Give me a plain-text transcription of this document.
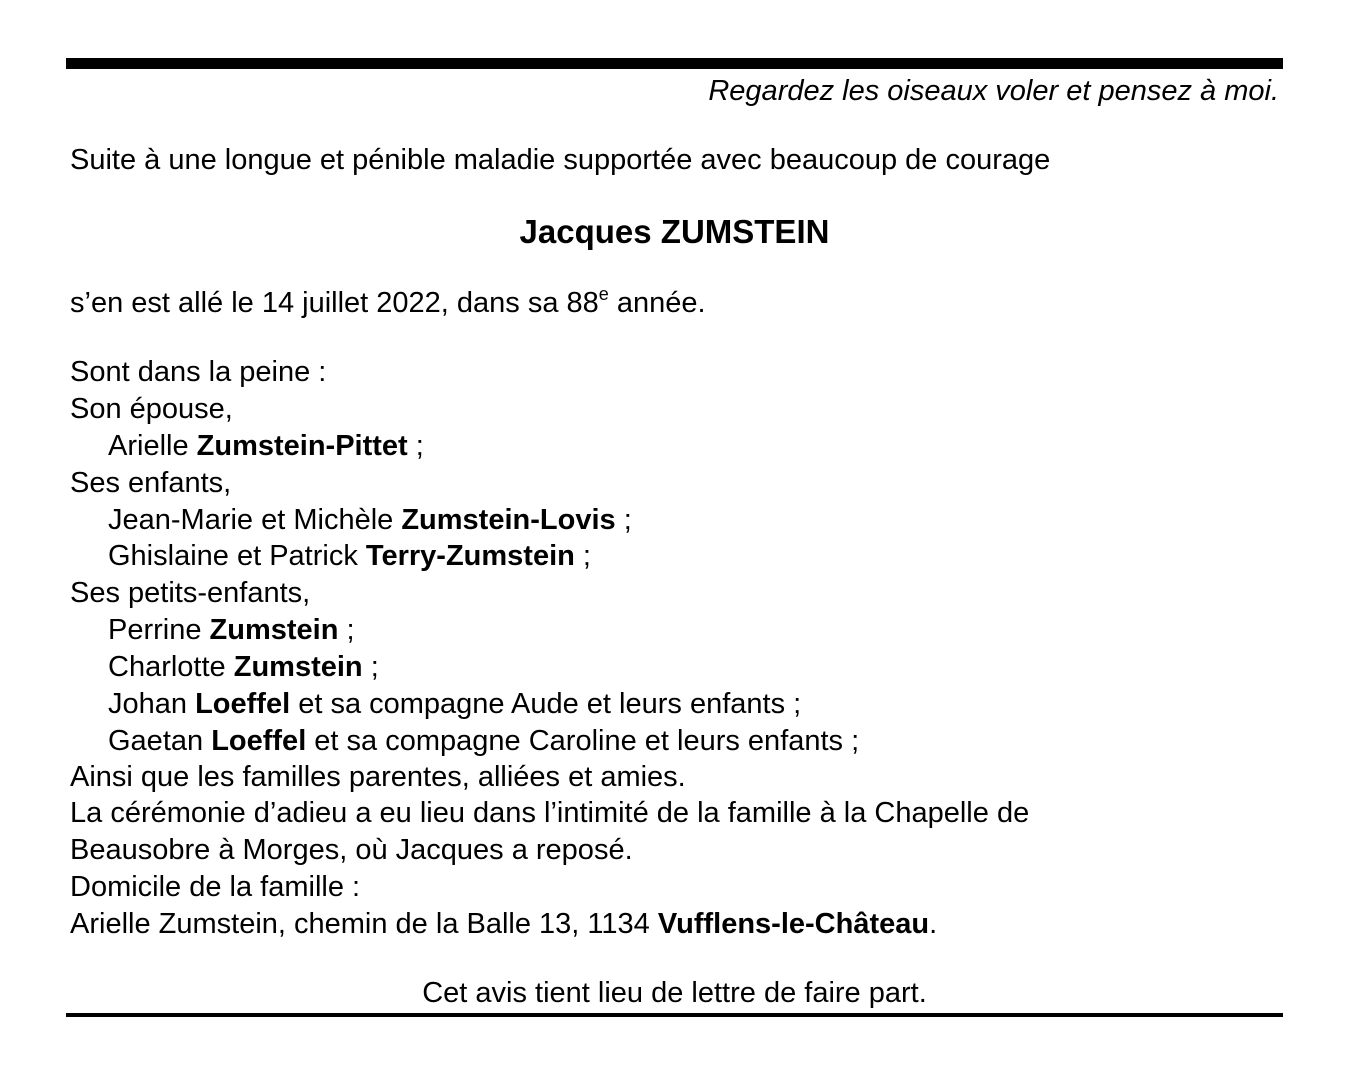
Regardez les oiseaux voler et pensez à moi.
Suite à une longue et pénible maladie supportée avec beaucoup de courage
Jacques ZUMSTEIN
s’en est allé le 14 juillet 2022, dans sa 88e année.
Sont dans la peine :
Son épouse,
Arielle Zumstein-Pittet ;
Ses enfants,
Jean-Marie et Michèle Zumstein-Lovis ;
Ghislaine et Patrick Terry-Zumstein ;
Ses petits-enfants,
Perrine Zumstein ;
Charlotte Zumstein ;
Johan Loeffel et sa compagne Aude et leurs enfants ;
Gaetan Loeffel et sa compagne Caroline et leurs enfants ;
Ainsi que les familles parentes, alliées et amies.
La cérémonie d’adieu a eu lieu dans l’intimité de la famille à la Chapelle de
Beausobre à Morges, où Jacques a reposé.
Domicile de la famille :
Arielle Zumstein, chemin de la Balle 13, 1134 Vufflens-le-Château.
Cet avis tient lieu de lettre de faire part.
